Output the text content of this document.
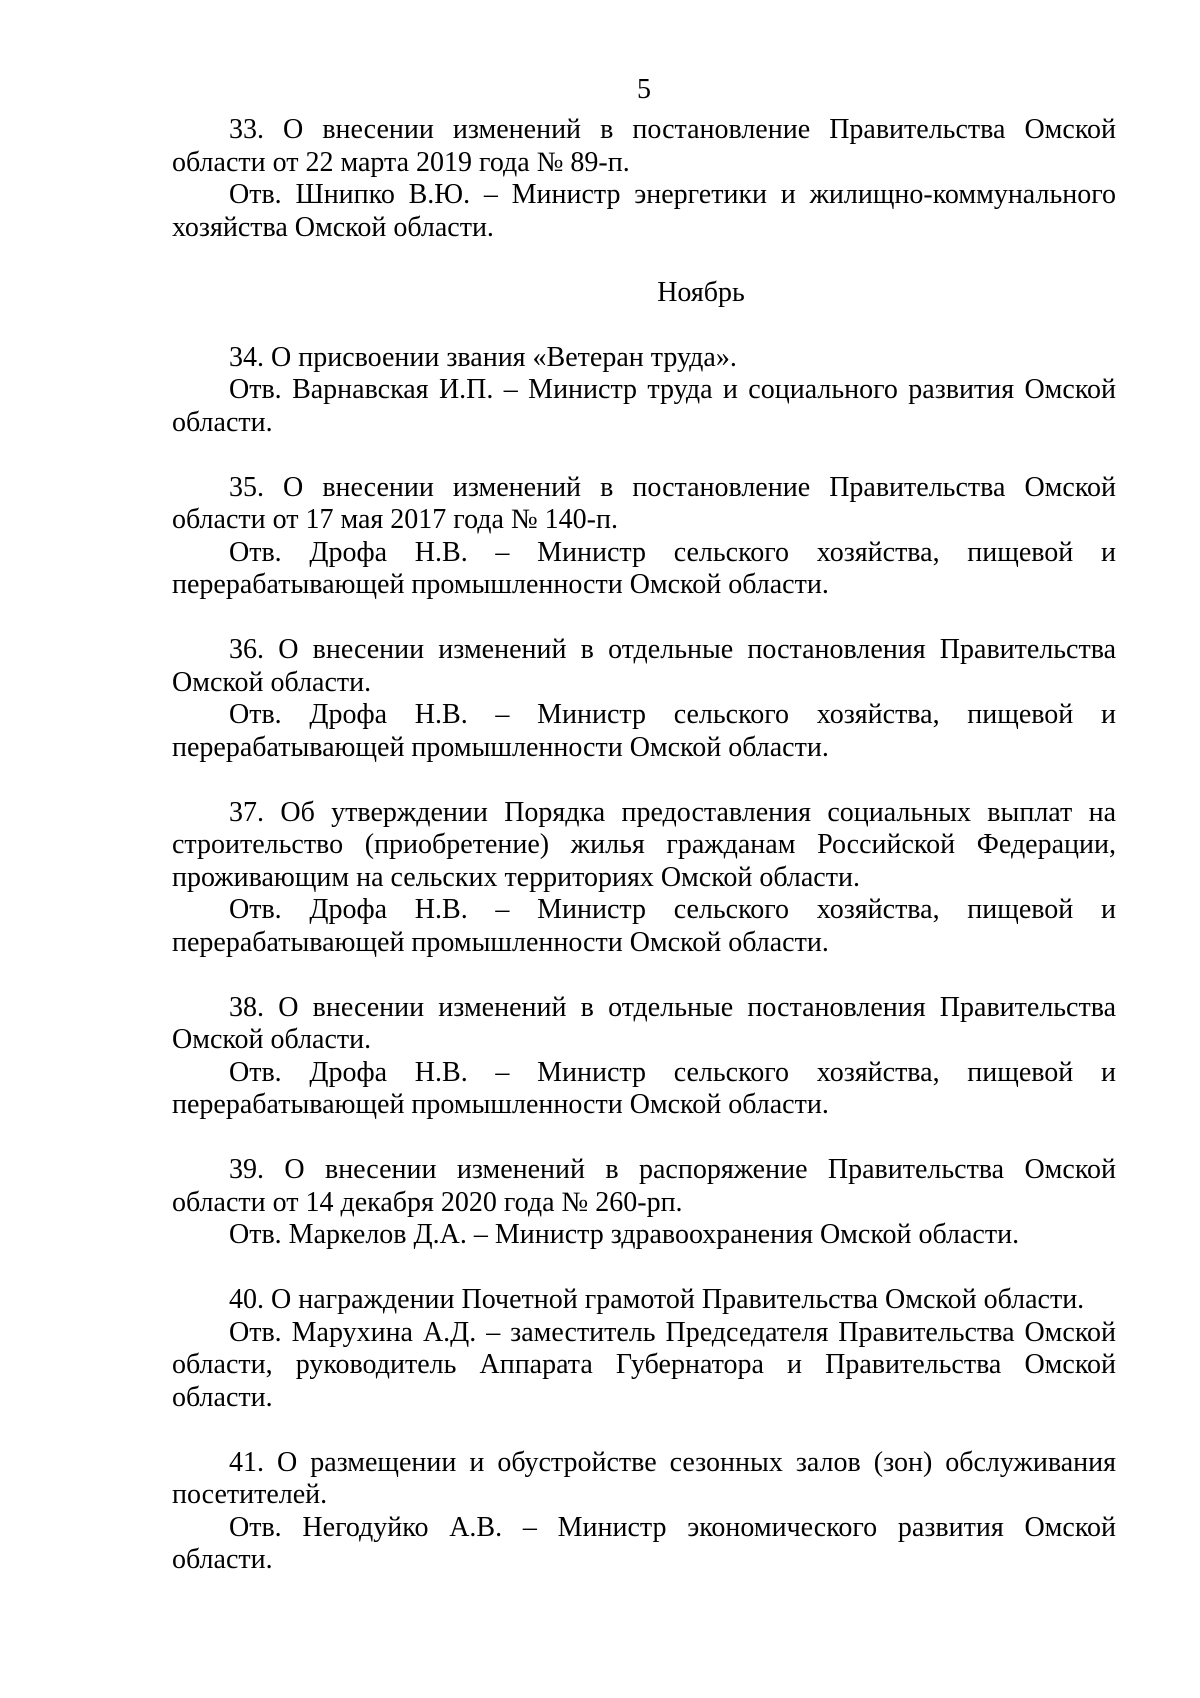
5

33. О внесении изменений в постановление Правительства Омской области от 22 марта 2019 года № 89-п.

Отв. Шнипко В.Ю. – Министр энергетики и жилищно-коммунального хозяйства Омской области.

Ноябрь

34. О присвоении звания «Ветеран труда».

Отв. Варнавская И.П. – Министр труда и социального развития Омской области.

35. О внесении изменений в постановление Правительства Омской области от 17 мая 2017 года № 140-п.

Отв. Дрофа Н.В. – Министр сельского хозяйства, пищевой и перерабатывающей промышленности Омской области.

36. О внесении изменений в отдельные постановления Правительства Омской области.

Отв. Дрофа Н.В. – Министр сельского хозяйства, пищевой и перерабатывающей промышленности Омской области.

37. Об утверждении Порядка предоставления социальных выплат на строительство (приобретение) жилья гражданам Российской Федерации, проживающим на сельских территориях Омской области.

Отв. Дрофа Н.В. – Министр сельского хозяйства, пищевой и перерабатывающей промышленности Омской области.

38. О внесении изменений в отдельные постановления Правительства Омской области.

Отв. Дрофа Н.В. – Министр сельского хозяйства, пищевой и перерабатывающей промышленности Омской области.

39. О внесении изменений в распоряжение Правительства Омской области от 14 декабря 2020 года № 260-рп.

Отв. Маркелов Д.А. – Министр здравоохранения Омской области.

40. О награждении Почетной грамотой Правительства Омской области.

Отв. Марухина А.Д. – заместитель Председателя Правительства Омской области, руководитель Аппарата Губернатора и Правительства Омской области.

41. О размещении и обустройстве сезонных залов (зон) обслуживания посетителей.

Отв. Негодуйко А.В. – Министр экономического развития Омской области.
